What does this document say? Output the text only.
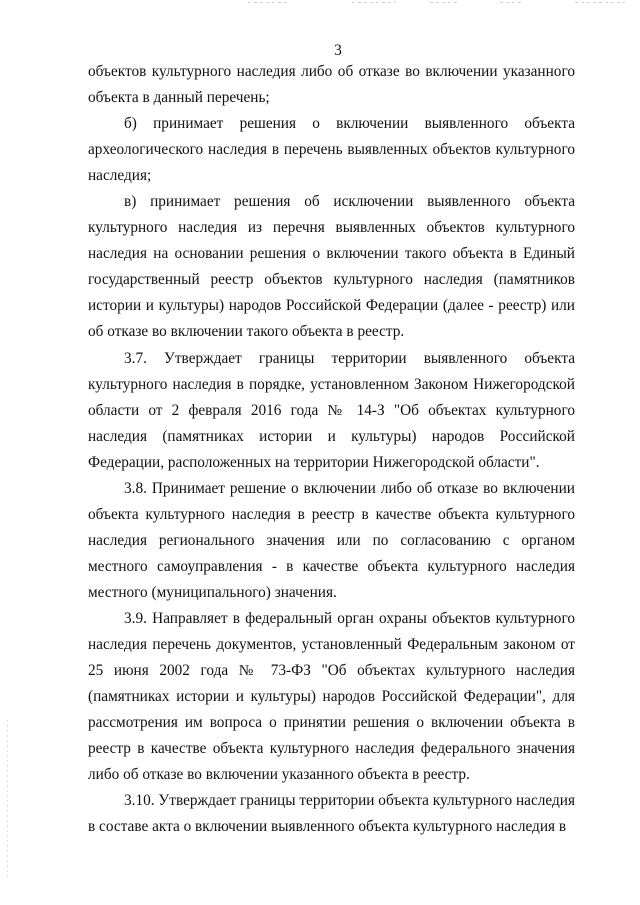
3

объектов культурного наследия либо об отказе во включении указанного объекта в данный перечень;

б) принимает решения о включении выявленного объекта археологического наследия в перечень выявленных объектов культурного наследия;

в) принимает решения об исключении выявленного объекта культурного наследия из перечня выявленных объектов культурного наследия на основании решения о включении такого объекта в Единый государственный реестр объектов культурного наследия (памятников истории и культуры) народов Российской Федерации (далее - реестр) или об отказе во включении такого объекта в реестр.

3.7. Утверждает границы территории выявленного объекта культурного наследия в порядке, установленном Законом Нижегородской области от 2 февраля 2016 года № 14-З "Об объектах культурного наследия (памятниках истории и культуры) народов Российской Федерации, расположенных на территории Нижегородской области".

3.8. Принимает решение о включении либо об отказе во включении объекта культурного наследия в реестр в качестве объекта культурного наследия регионального значения или по согласованию с органом местного самоуправления - в качестве объекта культурного наследия местного (муниципального) значения.

3.9. Направляет в федеральный орган охраны объектов культурного наследия перечень документов, установленный Федеральным законом от 25 июня 2002 года № 73-ФЗ "Об объектах культурного наследия (памятниках истории и культуры) народов Российской Федерации", для рассмотрения им вопроса о принятии решения о включении объекта в реестр в качестве объекта культурного наследия федерального значения либо об отказе во включении указанного объекта в реестр.

3.10. Утверждает границы территории объекта культурного наследия в составе акта о включении выявленного объекта культурного наследия в
